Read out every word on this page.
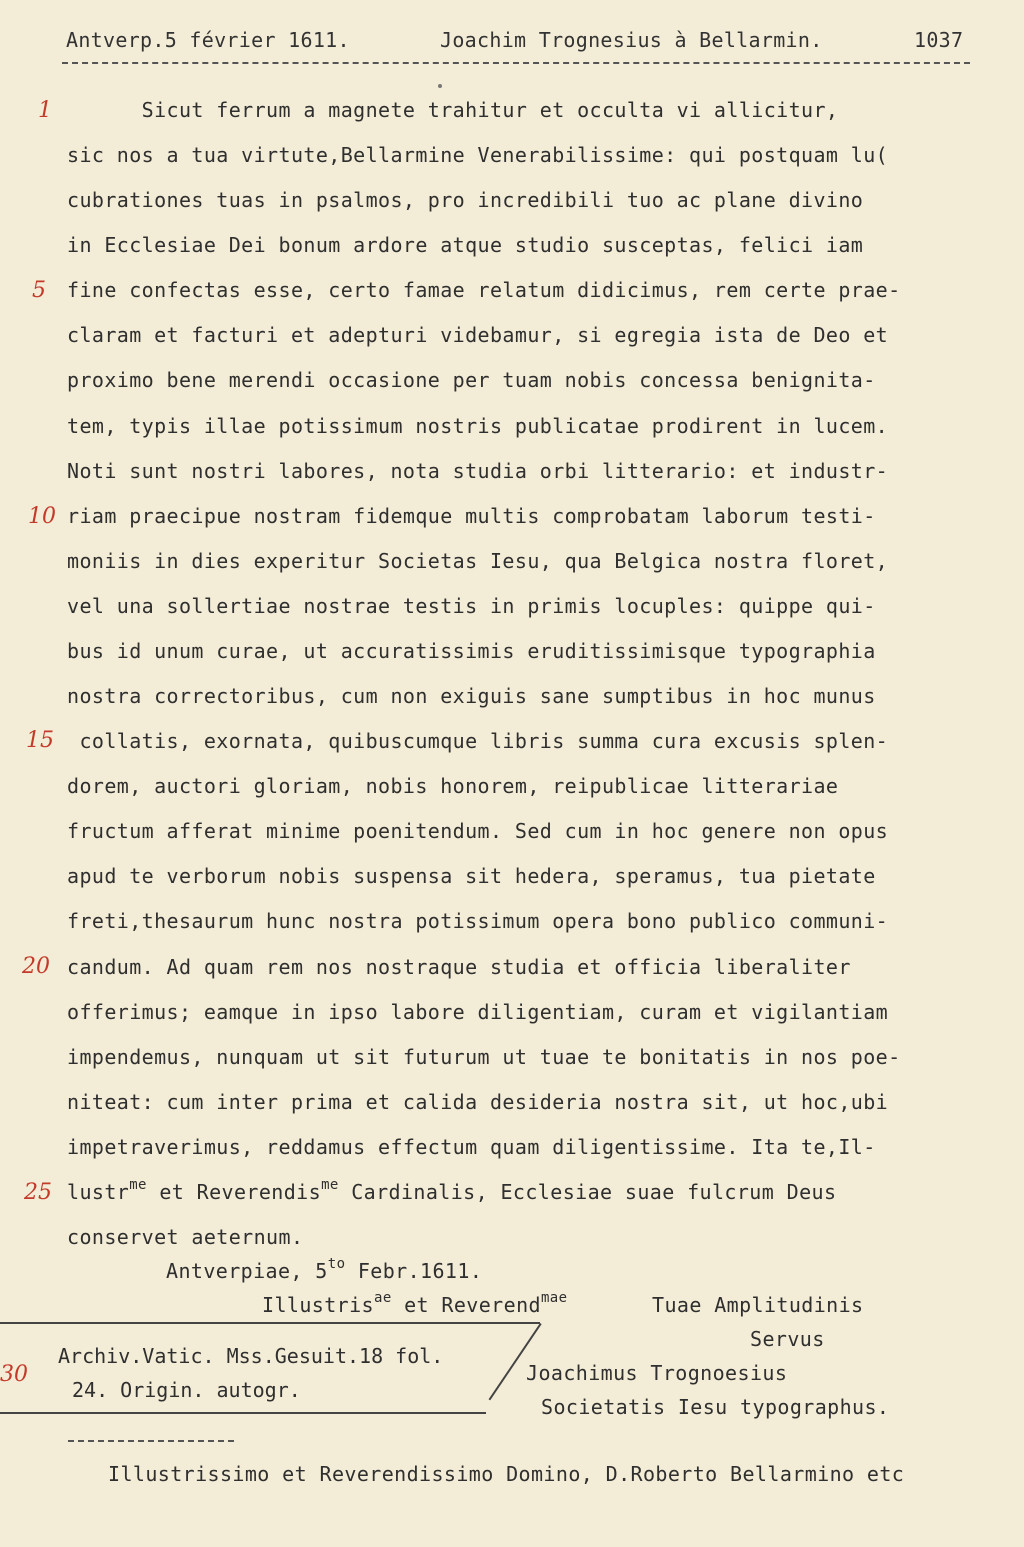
Antverp.5 février 1611.

	Joachim Trognesius à Bellarmin.

	1037

1
5
10
15
20
25
30
Sicut ferrum a magnete trahitur et occulta vi allicitur,
sic nos a tua virtute,Bellarmine Venerabilissime: qui postquam lu(
cubrationes tuas in psalmos, pro incredibili tuo ac plane divino
in Ecclesiae Dei bonum ardore atque studio susceptas, felici iam
fine confectas esse, certo famae relatum didicimus, rem certe prae-
claram et facturi et adepturi videbamur, si egregia ista de Deo et
proximo bene merendi occasione per tuam nobis concessa benignita-
tem, typis illae potissimum nostris publicatae prodirent in lucem.
Noti sunt nostri labores, nota studia orbi litterario: et industr-
riam praecipue nostram fidemque multis comprobatam laborum testi-
moniis in dies experitur Societas Iesu, qua Belgica nostra floret,
vel una sollertiae nostrae testis in primis locuples: quippe qui-
bus id unum curae, ut accuratissimis eruditissimisque typographia
nostra correctoribus, cum non exiguis sane sumptibus in hoc munus
collatis, exornata, quibuscumque libris summa cura excusis splen-
dorem, auctori gloriam, nobis honorem, reipublicae litterariae
fructum afferat minime poenitendum. Sed cum in hoc genere non opus
apud te verborum nobis suspensa sit hedera, speramus, tua pietate
freti,thesaurum hunc nostra potissimum opera bono publico communi-
candum. Ad quam rem nos nostraque studia et officia liberaliter
offerimus; eamque in ipso labore diligentiam, curam et vigilantiam
impendemus, nunquam ut sit futurum ut tuae te bonitatis in nos poe-
niteat: cum inter prima et calida desideria nostra sit, ut hoc,ubi
impetraverimus, reddamus effectum quam diligentissime. Ita te,Il-
lustr$^{me}$ et Reverendis$^{me}$ Cardinalis, Ecclesiae suae fulcrum Deus
conservet aeternum.
Antverpiae, $5^{to}$ Febr.1611.
Illustris$^{ae}$ et Reverend$^{mae}$	Tuae Amplitudinis
Servus
Joachimus Trognoesius
Societatis Iesu typographus.
Archiv.Vatic. Mss.Gesuit.18 fol.
24. Origin. autogr.
Illustrissimo et Reverendissimo Domino, D.Roberto Bellarmino etc
